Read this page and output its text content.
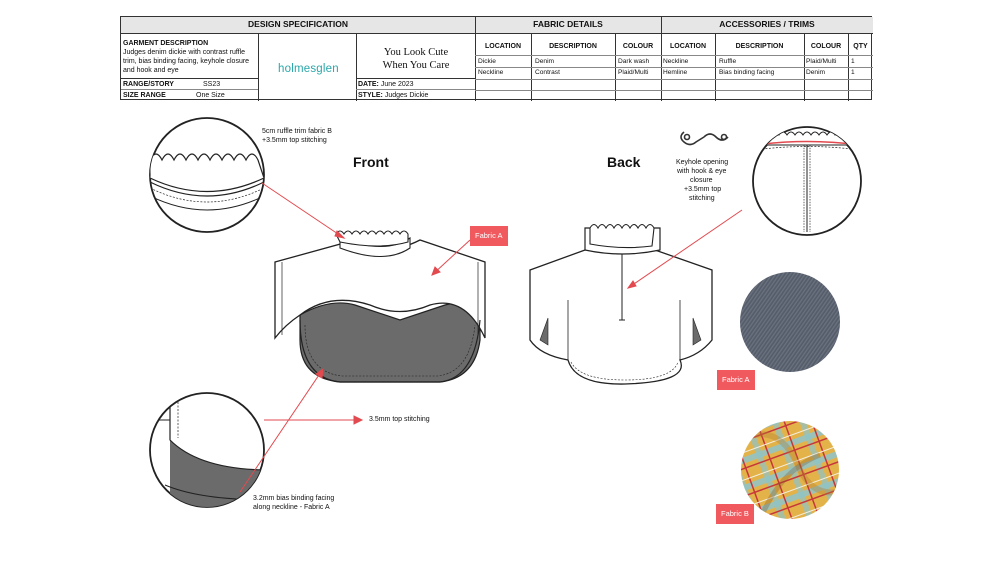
DESIGN SPECIFICATION	FABRIC DETAILS	ACCESSORIES / TRIMS
GARMENT DESCRIPTION
Judges denim dickie with contrast ruffle trim, bias binding facing, keyhole closure and hook and eye
RANGE/STORY	SS23
SIZE RANGE	One Size
holmesglen
You Look Cute
When You Care
DATE: June 2023
STYLE: Judges Dickie
LOCATION	DESCRIPTION	COLOUR
Dickie	Denim	Dark wash
Neckline	Contrast	Plaid/Multi
LOCATION	DESCRIPTION	COLOUR	QTY
Neckline	Ruffle	Plaid/Multi 1
Hemline	Bias binding facing	Denim	1
Front	Back
5cm ruffle trim fabric B
+3.5mm top stitching
Keyhole opening
with hook & eye
closure
+3.5mm top
stitching
3.5mm top stitching
3.2mm bias binding facing
along neckline - Fabric A
Fabric A
Fabric A
Fabric B
